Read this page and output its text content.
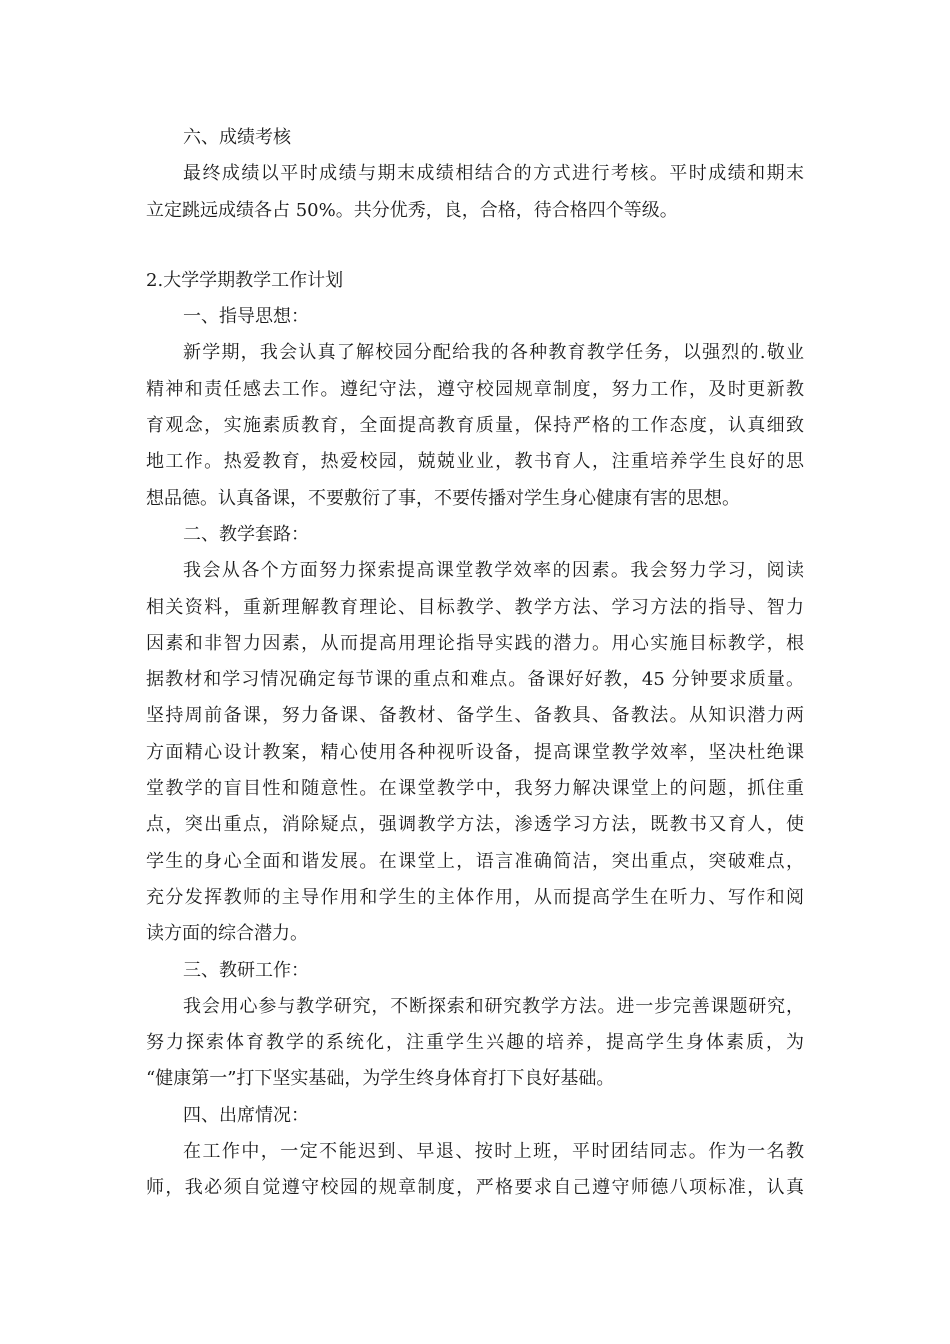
六、成绩考核
最终成绩以平时成绩与期末成绩相结合的方式进行考核。平时成绩和期末
立定跳远成绩各占 50%。共分优秀，良，合格，待合格四个等级。
2.大学学期教学工作计划
一、指导思想：
新学期，我会认真了解校园分配给我的各种教育教学任务，以强烈的.敬业
精神和责任感去工作。遵纪守法，遵守校园规章制度，努力工作，及时更新教
育观念，实施素质教育，全面提高教育质量，保持严格的工作态度，认真细致
地工作。热爱教育，热爱校园，兢兢业业，教书育人，注重培养学生良好的思
想品德。认真备课，不要敷衍了事，不要传播对学生身心健康有害的思想。
二、教学套路：
我会从各个方面努力探索提高课堂教学效率的因素。我会努力学习，阅读
相关资料，重新理解教育理论、目标教学、教学方法、学习方法的指导、智力
因素和非智力因素，从而提高用理论指导实践的潜力。用心实施目标教学，根
据教材和学习情况确定每节课的重点和难点。备课好好教，45 分钟要求质量。
坚持周前备课，努力备课、备教材、备学生、备教具、备教法。从知识潜力两
方面精心设计教案，精心使用各种视听设备，提高课堂教学效率，坚决杜绝课
堂教学的盲目性和随意性。在课堂教学中，我努力解决课堂上的问题，抓住重
点，突出重点，消除疑点，强调教学方法，渗透学习方法，既教书又育人，使
学生的身心全面和谐发展。在课堂上，语言准确简洁，突出重点，突破难点，
充分发挥教师的主导作用和学生的主体作用，从而提高学生在听力、写作和阅
读方面的综合潜力。
三、教研工作：
我会用心参与教学研究，不断探索和研究教学方法。进一步完善课题研究，
努力探索体育教学的系统化，注重学生兴趣的培养，提高学生身体素质，为
“健康第一”打下坚实基础，为学生终身体育打下良好基础。
四、出席情况：
在工作中，一定不能迟到、早退、按时上班，平时团结同志。作为一名教
师，我必须自觉遵守校园的规章制度，严格要求自己遵守师德八项标准，认真
